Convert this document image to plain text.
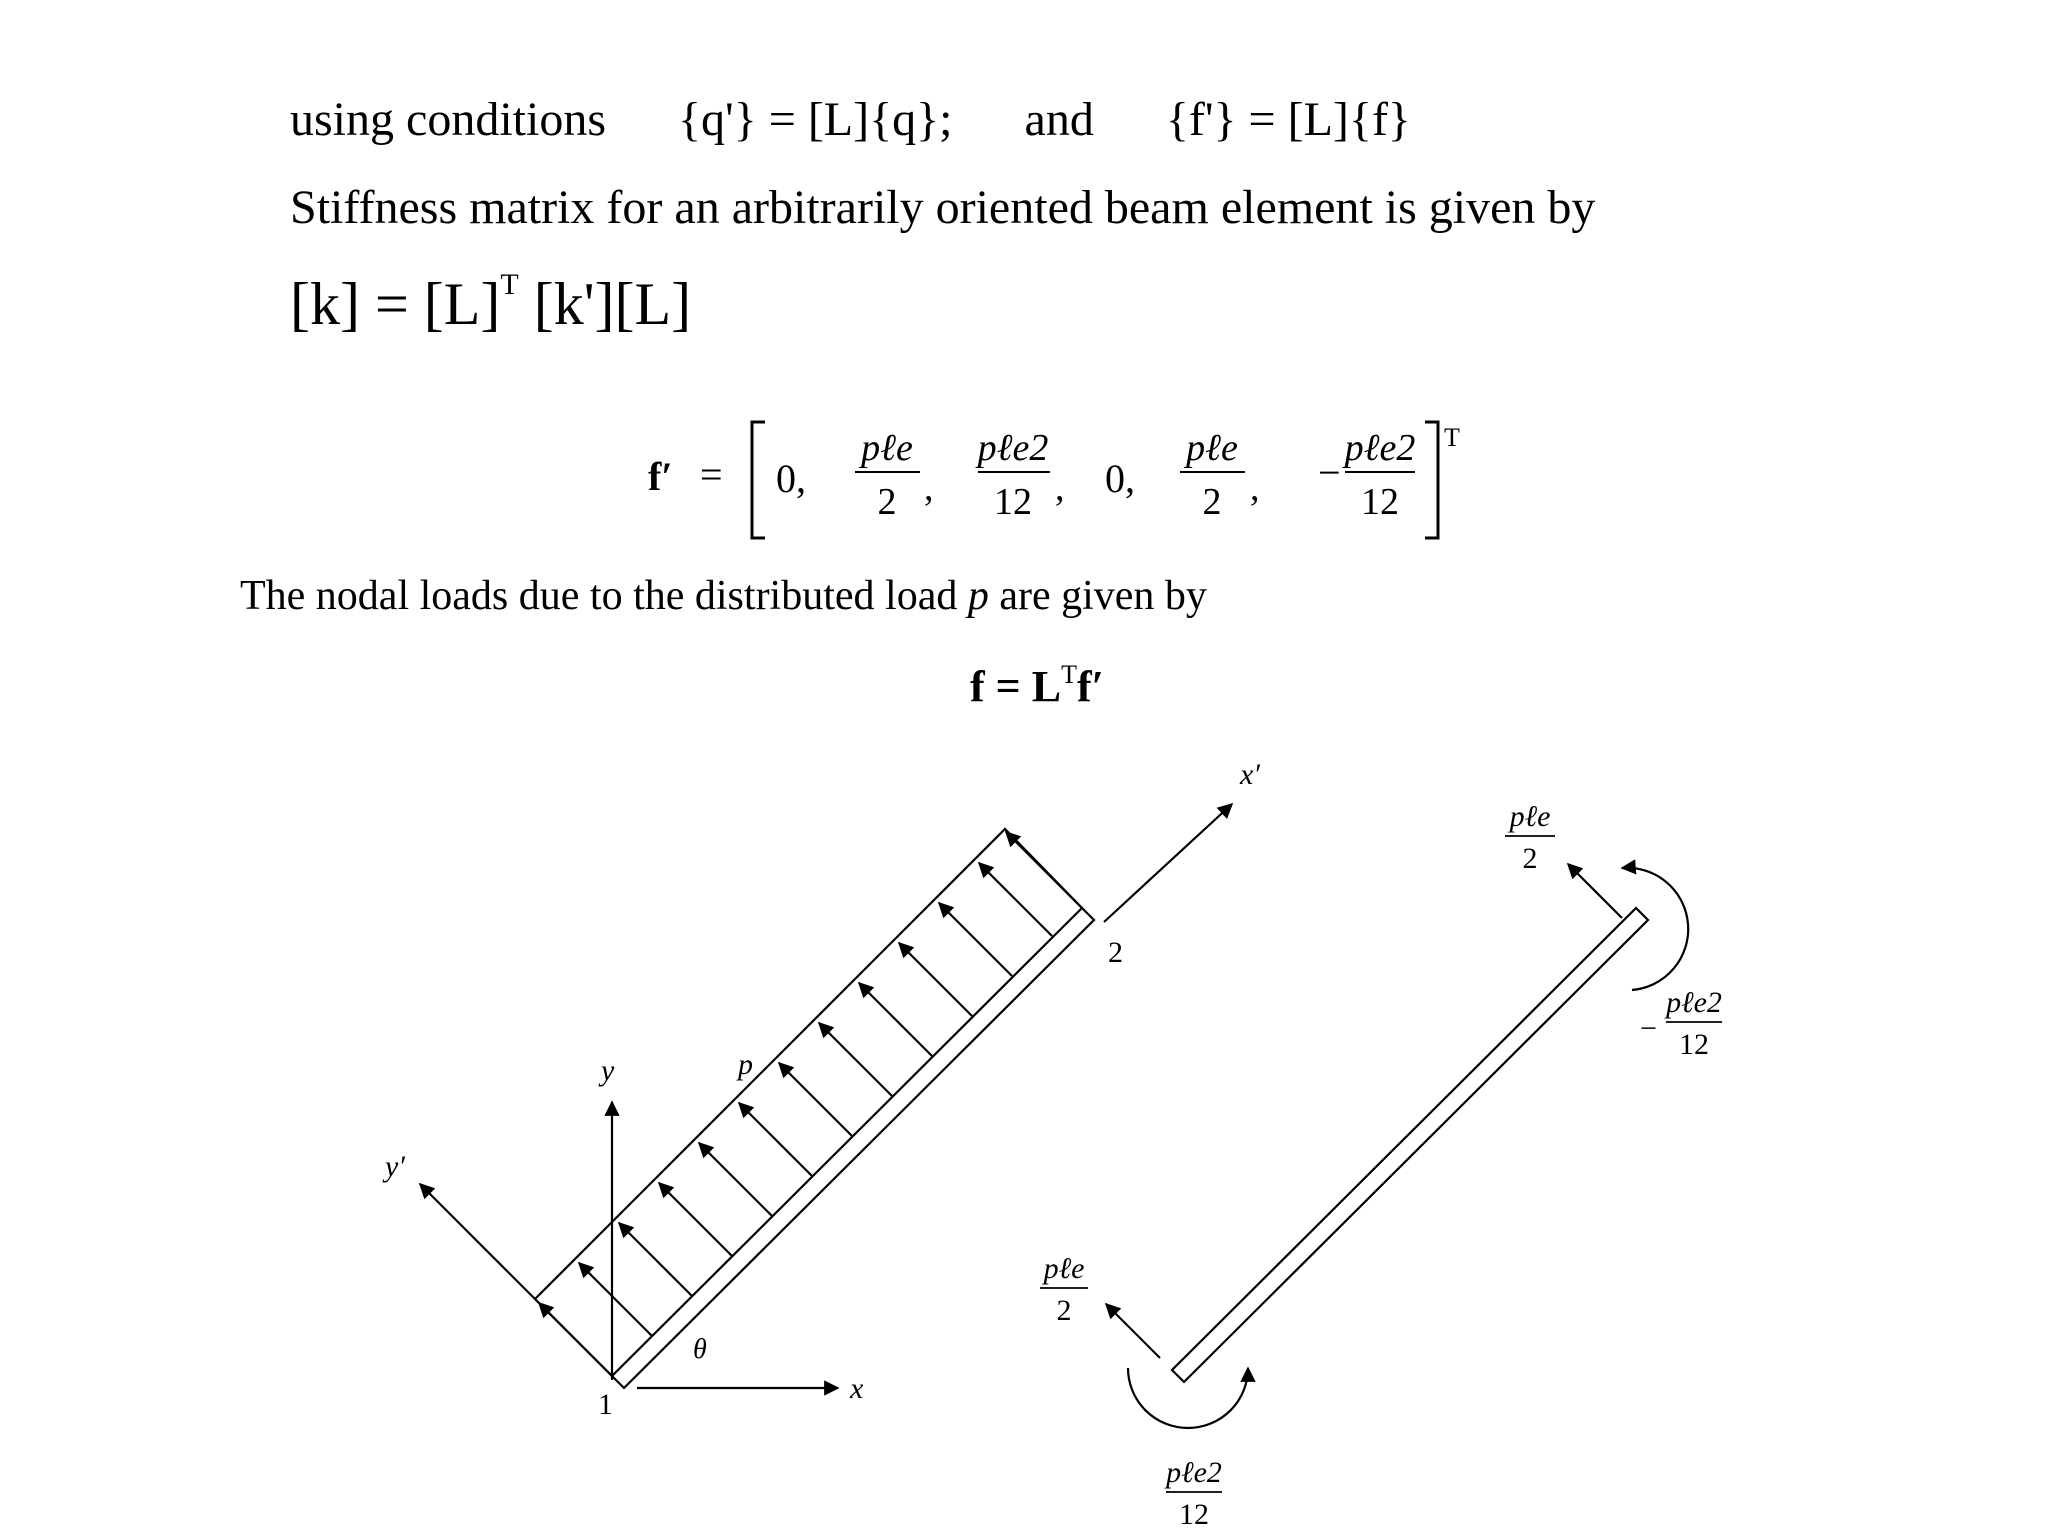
using conditions {q'} = [L]{q}; and {f'} = [L]{f}
Stiffness matrix for an arbitrarily oriented beam element is given by
$[k] = [L]^T$ [k'][L]
f′ = 0,
pℓe
2 ,
pℓe2
12 , 0,
pℓe
2 , −
pℓe2
12
T
The nodal loads due to the distributed load p are given by
$f = L^Tf'$
x′
2
y	p
y′
θ
1	x
pℓe
2
−
pℓe2
12
pℓe
2
pℓe2
12
